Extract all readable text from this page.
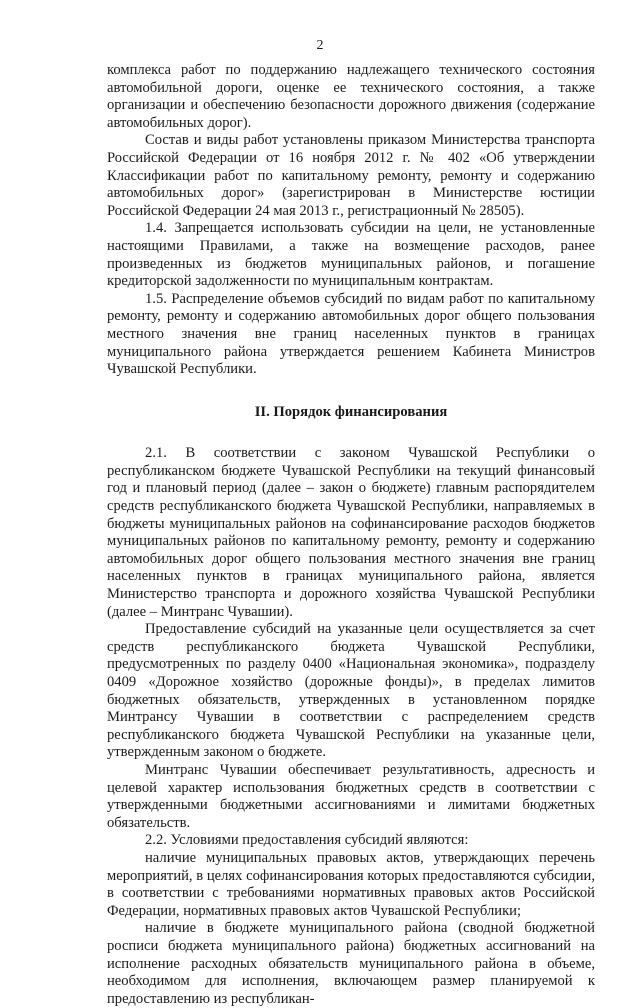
2

комплекса работ по поддержанию надлежащего технического состояния автомобильной дороги, оценке ее технического состояния, а также организации и обеспечению безопасности дорожного движения (содержание автомобильных дорог).

Состав и виды работ установлены приказом Министерства транспорта Российской Федерации от 16 ноября 2012 г. № 402 «Об утверждении Классификации работ по капитальному ремонту, ремонту и содержанию автомобильных дорог» (зарегистрирован в Министерстве юстиции Российской Федерации 24 мая 2013 г., регистрационный № 28505).

1.4. Запрещается использовать субсидии на цели, не установленные настоящими Правилами, а также на возмещение расходов, ранее произведенных из бюджетов муниципальных районов, и погашение кредиторской задолженности по муниципальным контрактам.

1.5. Распределение объемов субсидий по видам работ по капитальному ремонту, ремонту и содержанию автомобильных дорог общего пользования местного значения вне границ населенных пунктов в границах муниципального района утверждается решением Кабинета Министров Чувашской Республики.

II. Порядок финансирования

2.1. В соответствии с законом Чувашской Республики о республиканском бюджете Чувашской Республики на текущий финансовый год и плановый период (далее – закон о бюджете) главным распорядителем средств республиканского бюджета Чувашской Республики, направляемых в бюджеты муниципальных районов на софинансирование расходов бюджетов муниципальных районов по капитальному ремонту, ремонту и содержанию автомобильных дорог общего пользования местного значения вне границ населенных пунктов в границах муниципального района, является Министерство транспорта и дорожного хозяйства Чувашской Республики (далее – Минтранс Чувашии).

Предоставление субсидий на указанные цели осуществляется за счет средств республиканского бюджета Чувашской Республики, предусмотренных по разделу 0400 «Национальная экономика», подразделу 0409 «Дорожное хозяйство (дорожные фонды)», в пределах лимитов бюджетных обязательств, утвержденных в установленном порядке Минтрансу Чувашии в соответствии с распределением средств республиканского бюджета Чувашской Республики на указанные цели, утвержденным законом о бюджете.

Минтранс Чувашии обеспечивает результативность, адресность и целевой характер использования бюджетных средств в соответствии с утвержденными бюджетными ассигнованиями и лимитами бюджетных обязательств.

2.2. Условиями предоставления субсидий являются:

наличие муниципальных правовых актов, утверждающих перечень мероприятий, в целях софинансирования которых предоставляются субсидии, в соответствии с требованиями нормативных правовых актов Российской Федерации, нормативных правовых актов Чувашской Республики;

наличие в бюджете муниципального района (сводной бюджетной росписи бюджета муниципального района) бюджетных ассигнований на исполнение расходных обязательств муниципального района в объеме, необходимом для исполнения, включающем размер планируемой к предоставлению из республикан-
